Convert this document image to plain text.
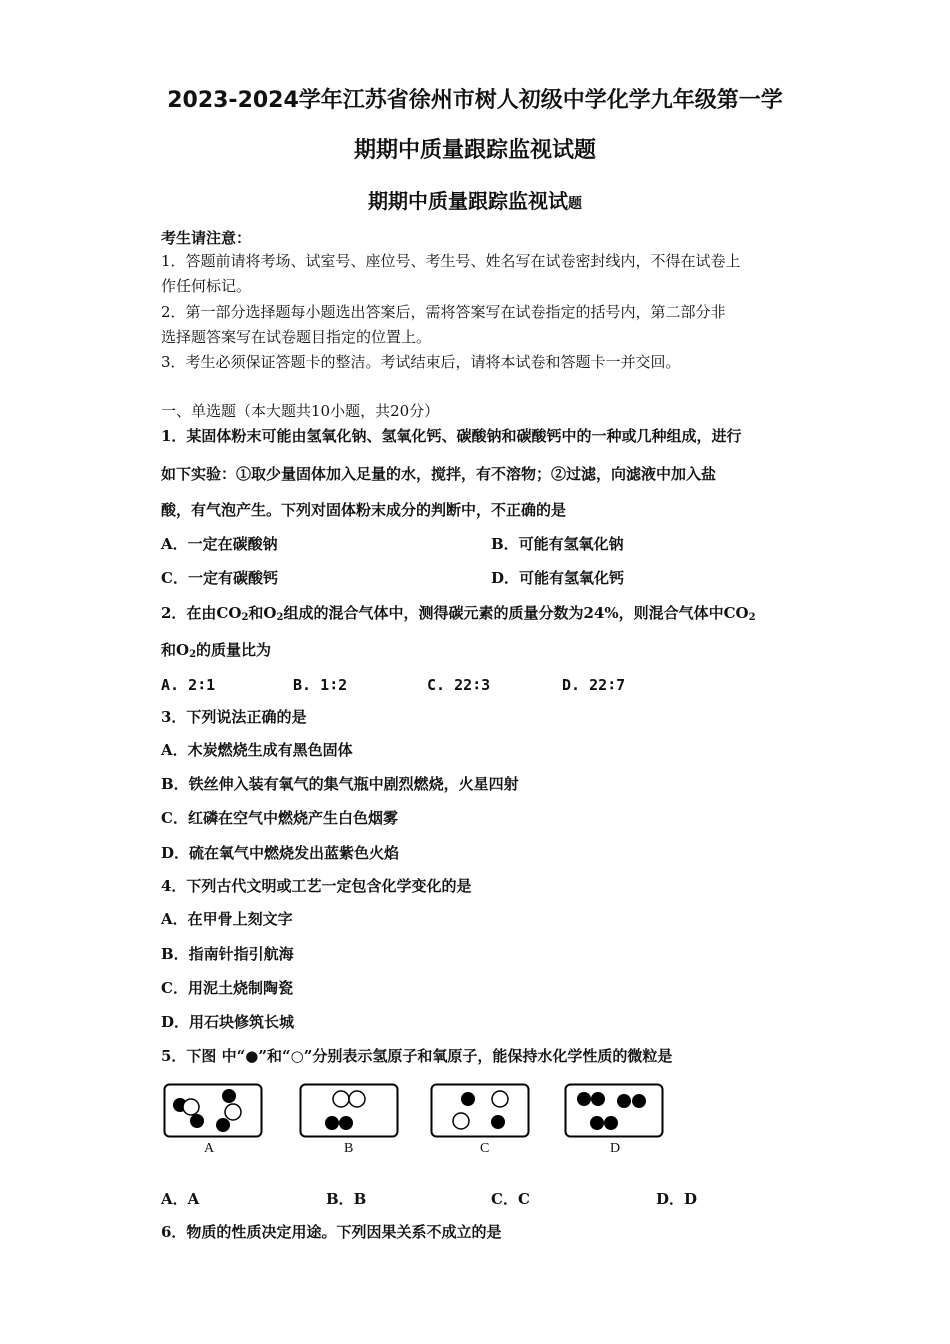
2023-2024学年江苏省徐州市树人初级中学化学九年级第一学
期期中质量跟踪监视试题
期期中质量跟踪监视试题
考生请注意：
1．答题前请将考场、试室号、座位号、考生号、姓名写在试卷密封线内，不得在试卷上
作任何标记。
2．第一部分选择题每小题选出答案后，需将答案写在试卷指定的括号内，第二部分非
选择题答案写在试卷题目指定的位置上。
3．考生必须保证答题卡的整洁。考试结束后，请将本试卷和答题卡一并交回。
一、单选题（本大题共10小题，共20分）
1．某固体粉末可能由氢氧化钠、氢氧化钙、碳酸钠和碳酸钙中的一种或几种组成，进行
如下实验：①取少量固体加入足量的水，搅拌，有不溶物；②过滤，向滤液中加入盐
酸，有气泡产生。下列对固体粉末成分的判断中，不正确的是
A．一定在碳酸钠	B．可能有氢氧化钠
C．一定有碳酸钙	D．可能有氢氧化钙
2．在由$CO_2$和$O_2$组成的混合气体中，测得碳元素的质量分数为24%，则混合气体中$CO_2$
和$O_2$的质量比为
A. 2∶1	B. 1∶2	C. 22∶3	D. 22∶7
3．下列说法正确的是
A．木炭燃烧生成有黑色固体
B．铁丝伸入装有氧气的集气瓶中剧烈燃烧，火星四射
C．红磷在空气中燃烧产生白色烟雾
D．硫在氧气中燃烧发出蓝紫色火焰
4．下列古代文明或工艺一定包含化学变化的是
A．在甲骨上刻文字
B．指南针指引航海
C．用泥土烧制陶瓷
D．用石块修筑长城
5．下图 中“●”和“○”分别表示氢原子和氧原子，能保持水化学性质的微粒是
A	B	C	D
A．A	B．B	C．C	D．D
6．物质的性质决定用途。下列因果关系不成立的是
